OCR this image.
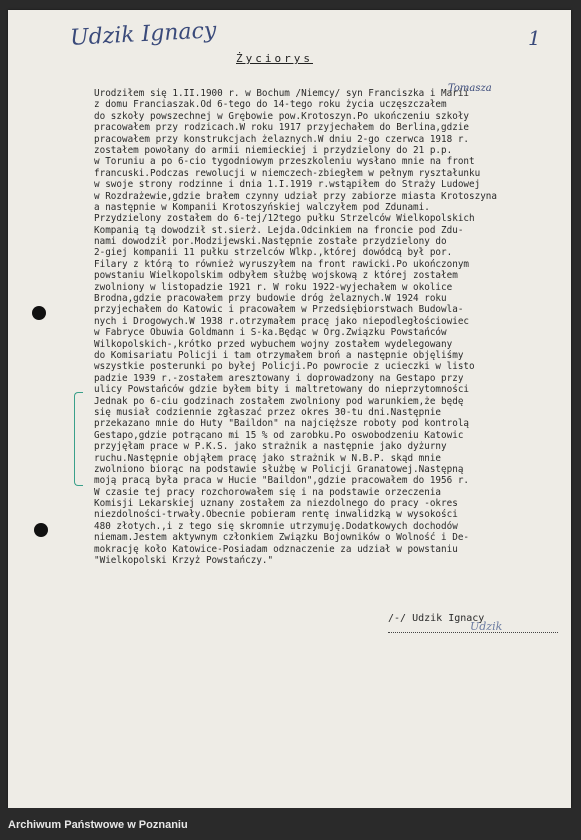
Udzik Ignacy	1
Życiorys
Tomasza
Urodziłem się 1.II.1900 r. w Bochum /Niemcy/ syn Franciszka i Marii
z domu Franciaszak.Od 6-tego do 14-tego roku życia uczęszczałem
do szkoły powszechnej w Grębowie pow.Krotoszyn.Po ukończeniu szkoły
pracowałem przy rodzicach.W roku 1917 przyjechałem do Berlina,gdzie
pracowałem przy konstrukcjach żelaznych.W dniu 2-go czerwca 1918 r.
zostałem powołany do armii niemieckiej i przydzielony do 21 p.p.
w Toruniu a po 6-cio tygodniowym przeszkoleniu wysłano mnie na front
francuski.Podczas rewolucji w niemczech-zbiegłem w pełnym ryształunku
w swoje strony rodzinne i dnia 1.I.1919 r.wstąpiłem do Straży Ludowej
w Rozdrażewie,gdzie brałem czynny udział przy zabiorze miasta Krotoszyna
a następnie w Kompanii Krotoszyńskiej walczyłem pod Zdunami.
Przydzielony zostałem do 6-tej/12tego pułku Strzelców Wielkopolskich
Kompanią tą dowodził st.sierż. Lejda.Odcinkiem na froncie pod Zdu-
nami dowodził por.Modzijewski.Następnie zostałe przydzielony do
2-giej kompanii 11 pułku strzelców Wlkp.,której dowódcą był por.
Filary z którą to również wyruszyłem na front rawicki.Po ukończonym
powstaniu Wielkopolskim odbyłem służbę wojskową z której zostałem
zwolniony w listopadzie 1921 r. W roku 1922-wyjechałem w okolice
Brodna,gdzie pracowałem przy budowie dróg żelaznych.W 1924 roku
przyjechałem do Katowic i pracowałem w Przedsiębiorstwach Budowla-
nych i Drogowych.W 1938 r.otrzymałem pracę jako niepodległościowiec
w Fabryce Obuwia Goldmann i S-ka.Będąc w Org.Związku Powstańców
Wilkopolskich-,krótko przed wybuchem wojny zostałem wydelegowany
do Komisariatu Policji i tam otrzymałem broń a następnie objęliśmy
wszystkie posterunki po byłej Policji.Po powrocie z ucieczki w listo
padzie 1939 r.-zostałem aresztowany i doprowadzony na Gestapo przy
ulicy Powstańców gdzie byłem bity i maltretowany do nieprzytomności
Jednak po 6-ciu godzinach zostałem zwolniony pod warunkiem,że będę
się musiał codziennie zgłaszać przez okres 30-tu dni.Następnie
przekazano mnie do Huty "Baildon" na najcięższe roboty pod kontrolą
Gestapo,gdzie potrącano mi 15 % od zarobku.Po oswobodzeniu Katowic
przyjęłam prace w P.K.S. jako strażnik a następnie jako dyżurny
ruchu.Następnie objąłem pracę jako strażnik w N.B.P. skąd mnie
zwolniono biorąc na podstawie służbę w Policji Granatowej.Następną
moją pracą była praca w Hucie "Baildon",gdzie pracowałem do 1956 r.
W czasie tej pracy rozchorowałem się i na podstawie orzeczenia
Komisji Lekarskiej uznany zostałem za niezdolnego do pracy -okres
niezdolności-trwały.Obecnie pobieram rentę inwalidzką w wysokości
480 złotych.,i z tego się skromnie utrzymuję.Dodatkowych dochodów
niemam.Jestem aktywnym członkiem Związku Bojowników o Wolność i De-
mokrację koło Katowice-Posiadam odznaczenie za udział w powstaniu
"Wielkopolski Krzyż Powstańczy."
/-/ Udzik Ignacy
Udzik
Archiwum Państwowe w Poznaniu
